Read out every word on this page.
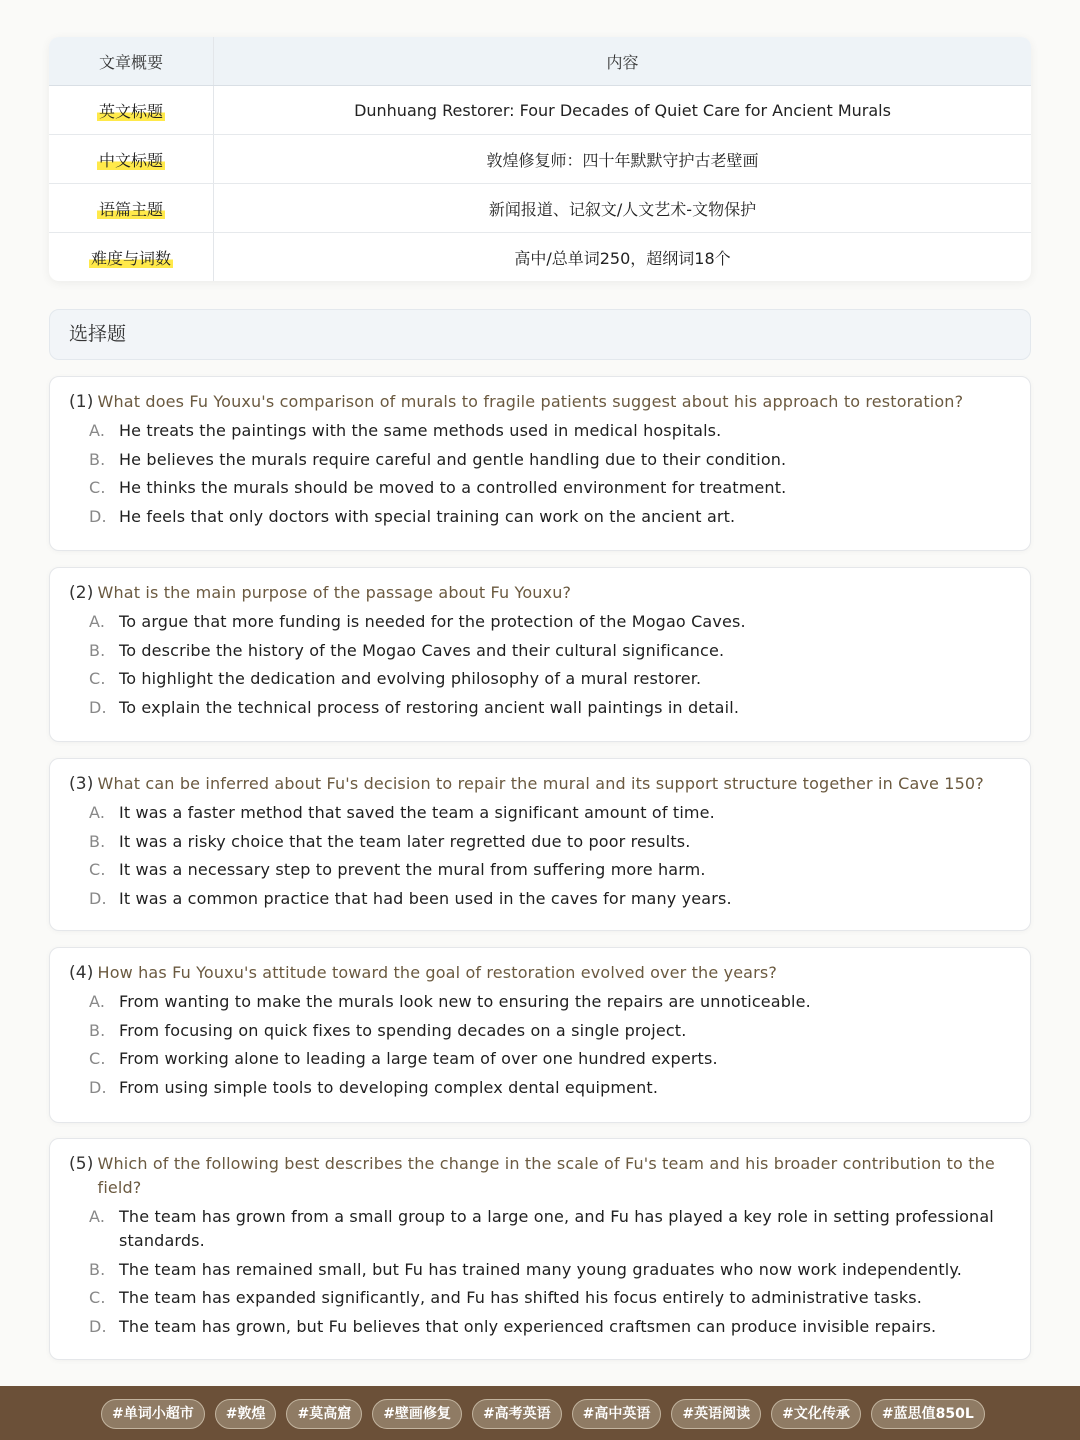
文章概要	内容
英文标题	Dunhuang Restorer: Four Decades of Quiet Care for Ancient Murals
中文标题	敦煌修复师：四十年默默守护古老壁画
语篇主题	新闻报道、记叙文/人文艺术-文物保护
难度与词数	高中/总单词250，超纲词18个
选择题
(1) What does Fu Youxu's comparison of murals to fragile patients suggest about his approach to restoration?
A. He treats the paintings with the same methods used in medical hospitals.
B. He believes the murals require careful and gentle handling due to their condition.
C. He thinks the murals should be moved to a controlled environment for treatment.
D. He feels that only doctors with special training can work on the ancient art.
(2) What is the main purpose of the passage about Fu Youxu?
A. To argue that more funding is needed for the protection of the Mogao Caves.
B. To describe the history of the Mogao Caves and their cultural significance.
C. To highlight the dedication and evolving philosophy of a mural restorer.
D. To explain the technical process of restoring ancient wall paintings in detail.
(3) What can be inferred about Fu's decision to repair the mural and its support structure together in Cave 150?
A. It was a faster method that saved the team a significant amount of time.
B. It was a risky choice that the team later regretted due to poor results.
C. It was a necessary step to prevent the mural from suffering more harm.
D. It was a common practice that had been used in the caves for many years.
(4) How has Fu Youxu's attitude toward the goal of restoration evolved over the years?
A. From wanting to make the murals look new to ensuring the repairs are unnoticeable.
B. From focusing on quick fixes to spending decades on a single project.
C. From working alone to leading a large team of over one hundred experts.
D. From using simple tools to developing complex dental equipment.
(5) Which of the following best describes the change in the scale of Fu's team and his broader contribution to the field?
A. The team has grown from a small group to a large one, and Fu has played a key role in setting professional standards.
B. The team has remained small, but Fu has trained many young graduates who now work independently.
C. The team has expanded significantly, and Fu has shifted his focus entirely to administrative tasks.
D. The team has grown, but Fu believes that only experienced craftsmen can produce invisible repairs.
#单词小超市	#敦煌	#莫高窟	#壁画修复	#高考英语	#高中英语	#英语阅读	#文化传承	#蓝思值850L
